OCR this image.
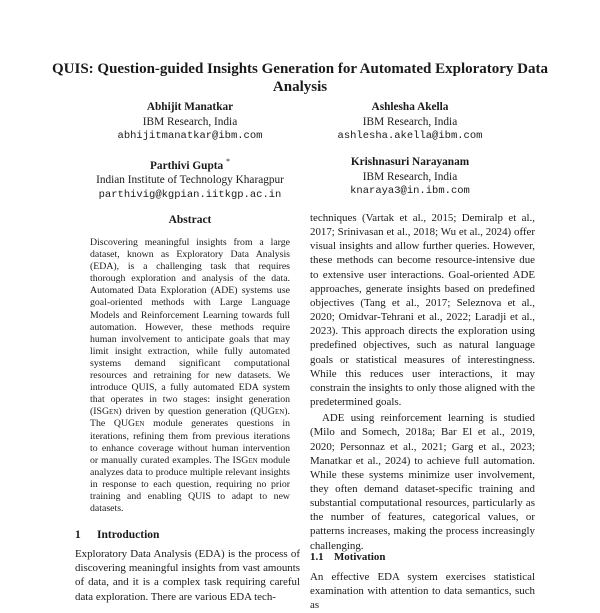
QUIS: Question-guided Insights Generation for Automated Exploratory Data Analysis
Abhijit Manatkar
IBM Research, India
abhijitmanatkar@ibm.com
Ashlesha Akella
IBM Research, India
ashlesha.akella@ibm.com
Parthivi Gupta *
Indian Institute of Technology Kharagpur
parthivig@kgpian.iitkgp.ac.in
Krishnasuri Narayanam
IBM Research, India
knaraya3@in.ibm.com
Abstract

Discovering meaningful insights from a large dataset, known as Exploratory Data Analysis (EDA), is a challenging task that requires thorough exploration and analysis of the data. Automated Data Exploration (ADE) systems use goal-oriented methods with Large Language Models and Reinforcement Learning towards full automation. However, these methods require human involvement to anticipate goals that may limit insight extraction, while fully automated systems demand significant computational resources and retraining for new datasets. We introduce QUIS, a fully automated EDA system that operates in two stages: insight generation (ISGen) driven by question generation (QUGen). The QUGen module generates questions in iterations, refining them from previous iterations to enhance coverage without human intervention or manually curated examples. The ISGen module analyzes data to produce multiple relevant insights in response to each question, requiring no prior training and enabling QUIS to adapt to new datasets.

1 Introduction

Exploratory Data Analysis (EDA) is the process of discovering meaningful insights from vast amounts of data, and it is a complex task requiring careful data exploration. There are various EDA tech-

techniques (Vartak et al., 2015; Demiralp et al., 2017; Srinivasan et al., 2018; Wu et al., 2024) offer visual insights and allow further queries. However, these methods can become resource-intensive due to extensive user interactions. Goal-oriented ADE approaches, generate insights based on predefined objectives (Tang et al., 2017; Seleznova et al., 2020; Omidvar-Tehrani et al., 2022; Laradji et al., 2023). This approach directs the exploration using predefined objectives, such as natural language goals or statistical measures of interestingness. While this reduces user interactions, it may constrain the insights to only those aligned with the predetermined goals.

ADE using reinforcement learning is studied (Milo and Somech, 2018a; Bar El et al., 2019, 2020; Personnaz et al., 2021; Garg et al., 2023; Manatkar et al., 2024) to achieve full automation. While these systems minimize user involvement, they often demand dataset-specific training and substantial computational resources, particularly as the number of features, categorical values, or patterns increases, making the process increasingly challenging.

1.1 Motivation

An effective EDA system exercises statistical examination with attention to data semantics, such as
